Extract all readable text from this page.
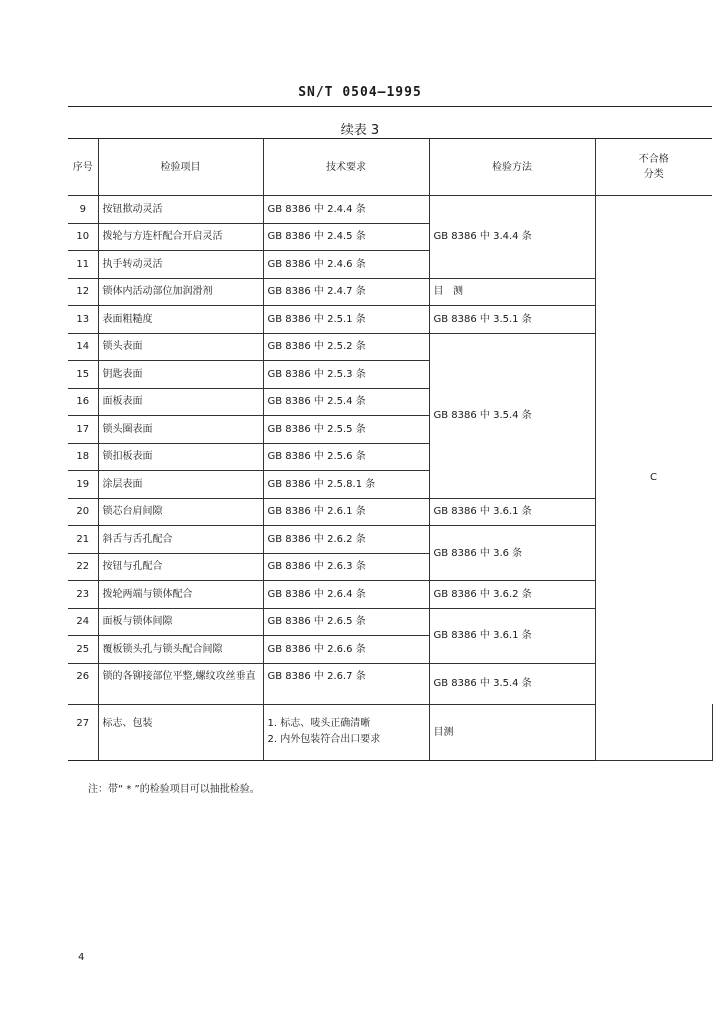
SN/T 0504—1995
续表 3
序号	检验项目	技术要求	检验方法	不合格
分类	
9	按钮揿动灵活	GB 8386 中 2.4.4 条	GB 8386 中 3.4.4 条	C	
10	拨轮与方连杆配合开启灵活	GB 8386 中 2.4.5 条			
11	执手转动灵活	GB 8386 中 2.4.6 条			
12	锁体内活动部位加润滑剂	GB 8386 中 2.4.7 条	目   测		
13	表面粗糙度	GB 8386 中 2.5.1 条	GB 8386 中 3.5.1 条		
14	锁头表面	GB 8386 中 2.5.2 条	GB 8386 中 3.5.4 条		
15	钥匙表面	GB 8386 中 2.5.3 条			
16	面板表面	GB 8386 中 2.5.4 条			
17	锁头圈表面	GB 8386 中 2.5.5 条			
18	锁扣板表面	GB 8386 中 2.5.6 条			
19	涂层表面	GB 8386 中 2.5.8.1 条			
20	锁芯台肩间隙	GB 8386 中 2.6.1 条	GB 8386 中 3.6.1 条		
21	斜舌与舌孔配合	GB 8386 中 2.6.2 条	GB 8386 中 3.6 条		
22	按钮与孔配合	GB 8386 中 2.6.3 条			
23	拨轮两端与锁体配合	GB 8386 中 2.6.4 条	GB 8386 中 3.6.2 条		
24	面板与锁体间隙	GB 8386 中 2.6.5 条	GB 8386 中 3.6.1 条		
25	覆板锁头孔与锁头配合间隙	GB 8386 中 2.6.6 条			
26	锁的各铆接部位平整,螺纹攻丝垂直	GB 8386 中 2.6.7 条	GB 8386 中 3.5.4 条		
27	标志、包装	1. 标志、唛头正确清晰
2. 内外包装符合出口要求	目测		
注：带“ * ”的检验项目可以抽批检验。
4
